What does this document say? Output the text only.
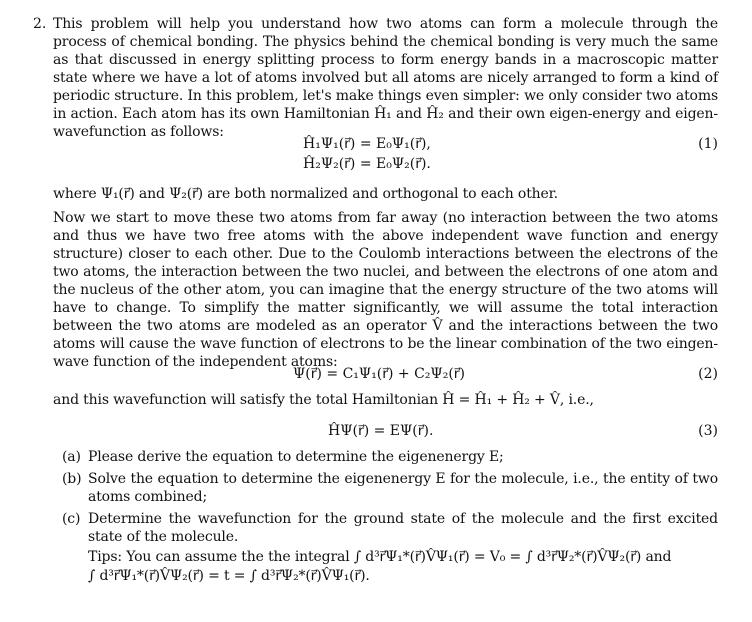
2. This problem will help you understand how two atoms can form a molecule through the process of chemical bonding. The physics behind the chemical bonding is very much the same as that discussed in energy splitting process to form energy bands in a macroscopic matter state where we have a lot of atoms involved but all atoms are nicely arranged to form a kind of periodic structure. In this problem, let's make things even simpler: we only consider two atoms in action. Each atom has its own Hamiltonian Ĥ₁ and Ĥ₂ and their own eigen-energy and eigen-wavefunction as follows:

Ĥ₁Ψ₁(r⃗) = E₀Ψ₁(r⃗),
Ĥ₂Ψ₂(r⃗) = E₀Ψ₂(r⃗).
(1)

where Ψ₁(r⃗) and Ψ₂(r⃗) are both normalized and orthogonal to each other.

Now we start to move these two atoms from far away (no interaction between the two atoms and thus we have two free atoms with the above independent wave function and energy structure) closer to each other. Due to the Coulomb interactions between the electrons of the two atoms, the interaction between the two nuclei, and between the electrons of one atom and the nucleus of the other atom, you can imagine that the energy structure of the two atoms will have to change. To simplify the matter significantly, we will assume the total interaction between the two atoms are modeled as an operator V̂ and the interactions between the two atoms will cause the wave function of electrons to be the linear combination of the two eingen-wave function of the independent atoms:

Ψ(r⃗) = C₁Ψ₁(r⃗) + C₂Ψ₂(r⃗)	(2)

and this wavefunction will satisfy the total Hamiltonian Ĥ = Ĥ₁ + Ĥ₂ + V̂, i.e.,

ĤΨ(r⃗) = EΨ(r⃗).	(3)
(a) Please derive the equation to determine the eigenenergy E;
(b) Solve the equation to determine the eigenenergy E for the molecule, i.e., the entity of two atoms combined;
(c) Determine the wavefunction for the ground state of the molecule and the first excited state of the molecule.
Tips: You can assume the the integral ∫ d³r⃗Ψ₁*(r⃗)V̂Ψ₁(r⃗) = V₀ = ∫ d³r⃗Ψ₂*(r⃗)V̂Ψ₂(r⃗) and
∫ d³r⃗Ψ₁*(r⃗)V̂Ψ₂(r⃗) = t = ∫ d³r⃗Ψ₂*(r⃗)V̂Ψ₁(r⃗).
